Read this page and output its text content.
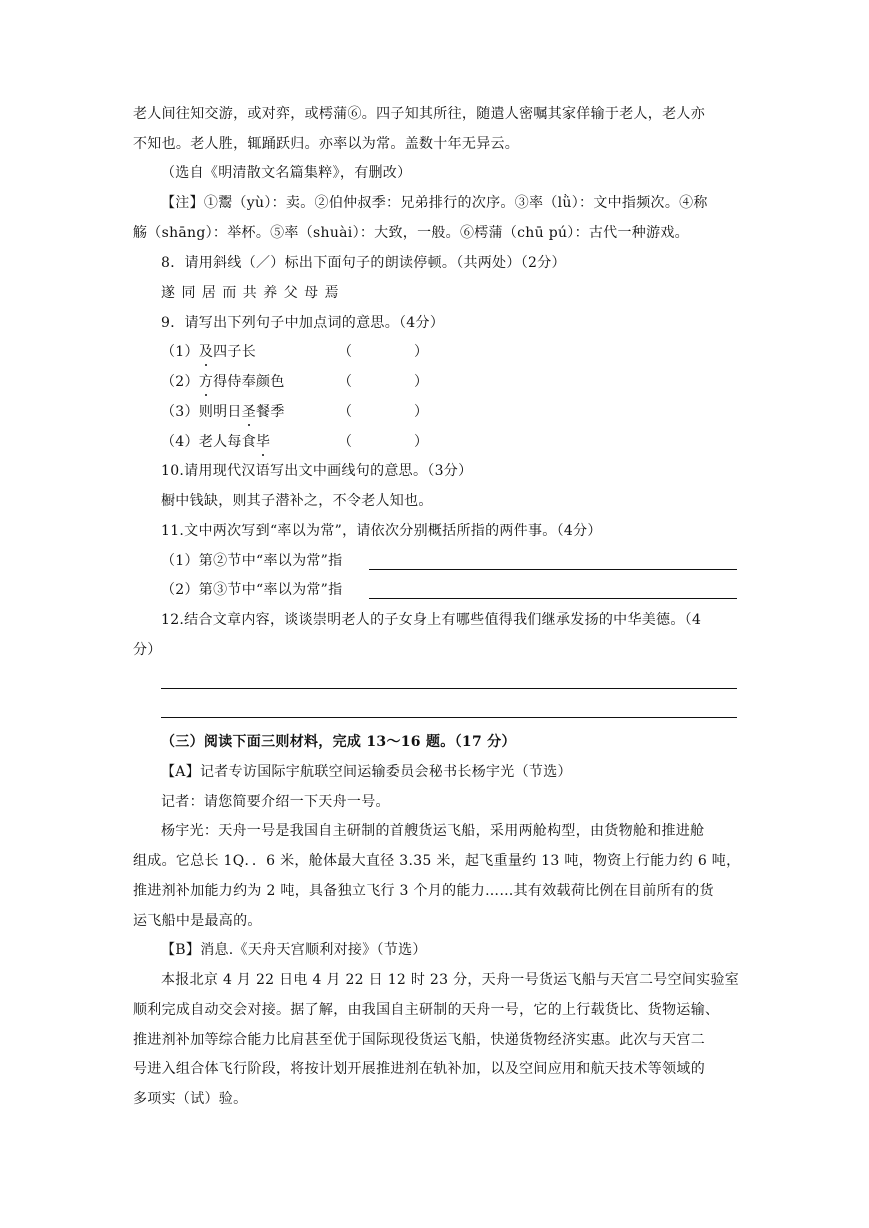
老人间往知交游，或对弈，或樗蒲⑥。四子知其所往，随遣人密嘱其家佯输于老人，老人亦
不知也。老人胜，辄踊跃归。亦率以为常。盖数十年无异云。
（选自《明清散文名篇集粹》，有删改）
【注】①鬻（yù）：卖。②伯仲叔季：兄弟排行的次序。③率（lǜ）：文中指频次。④称
觞（shāng）：举杯。⑤率（shuài）：大致，一般。⑥樗蒲（chū pú）：古代一种游戏。
8．请用斜线（／）标出下面句子的朗读停顿。（共两处）（2分）
遂 同 居 而 共 养 父 母 焉
9．请写出下列句子中加点词的意思。（4分）
（1）及四子长	（	）
（2）方得侍奉颜色	（	）
（3）则明日圣餐季	（	）
（4）老人每食毕	（	）
10.请用现代汉语写出文中画线句的意思。（3分）
橱中钱缺，则其子潜补之，不令老人知也。
11.文中两次写到“率以为常”，请依次分别概括所指的两件事。（4分）
（1）第②节中“率以为常”指
（2）第③节中“率以为常”指
12.结合文章内容，谈谈崇明老人的子女身上有哪些值得我们继承发扬的中华美德。（4
分）
（三）阅读下面三则材料，完成 13～16 题。（17 分）
【A】记者专访国际宇航联空间运输委员会秘书长杨宇光（节选）
记者：请您简要介绍一下天舟一号。
杨宇光：天舟一号是我国自主研制的首艘货运飞船，采用两舱构型，由货物舱和推进舱
组成。它总长 1Q．．6 米，舱体最大直径 3.35 米，起飞重量约 13 吨，物资上行能力约 6 吨，
推进剂补加能力约为 2 吨，具备独立飞行 3 个月的能力……其有效载荷比例在目前所有的货
运飞船中是最高的。
【B】消息.《天舟天宫顺利对接》（节选）
本报北京 4 月 22 日电 4 月 22 日 12 时 23 分，天舟一号货运飞船与天宫二号空间实验室
顺利完成自动交会对接。据了解，由我国自主研制的天舟一号，它的上行载货比、货物运输、
推进剂补加等综合能力比肩甚至优于国际现役货运飞船，快递货物经济实惠。此次与天宫二
号进入组合体飞行阶段，将按计划开展推进剂在轨补加，以及空间应用和航天技术等领域的
多项实（试）验。
